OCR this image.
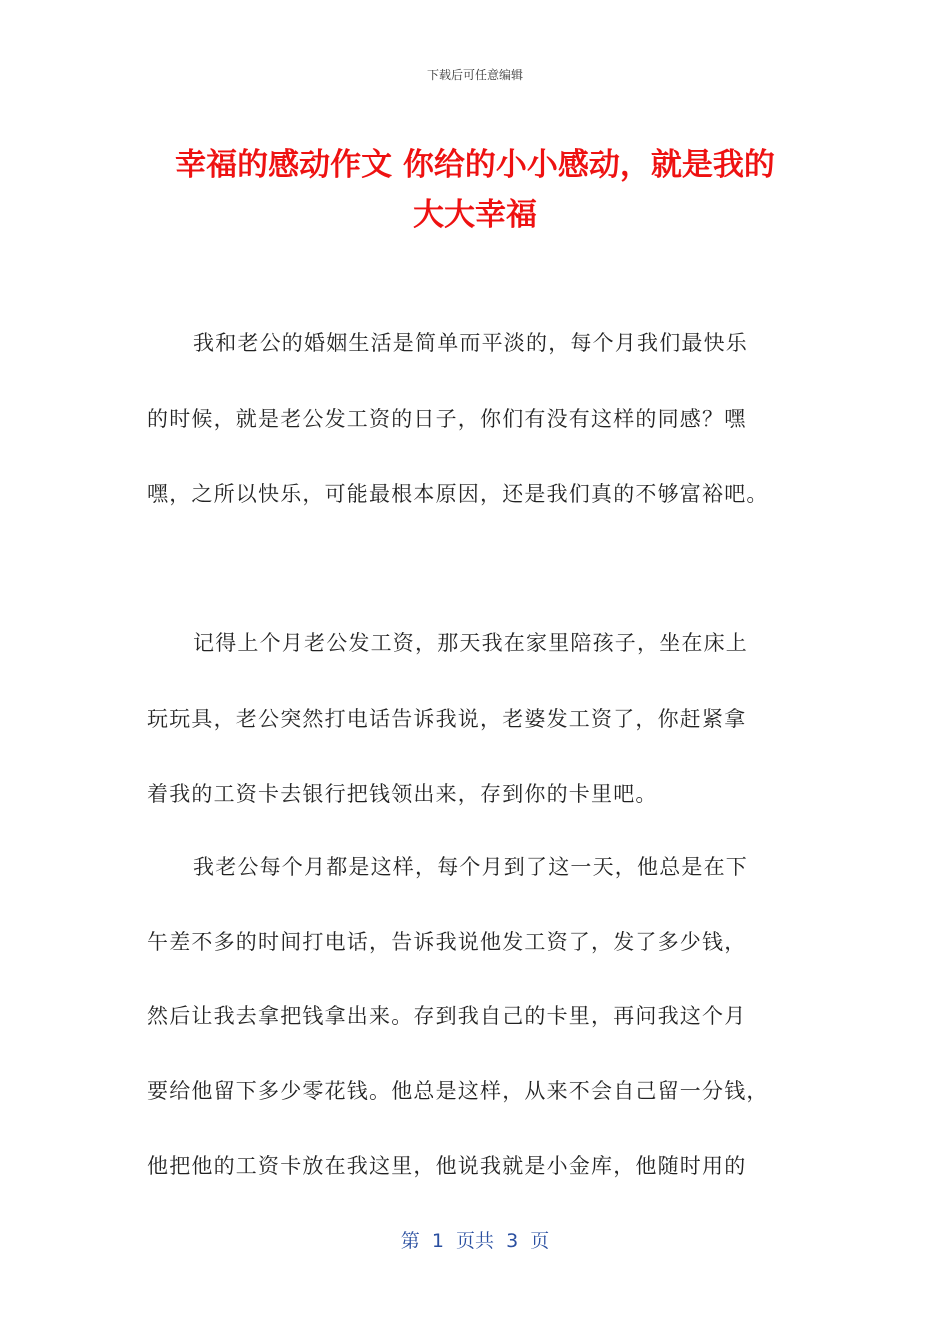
下载后可任意编辑
幸福的感动作文 你给的小小感动，就是我的
大大幸福
我和老公的婚姻生活是简单而平淡的，每个月我们最快乐
的时候，就是老公发工资的日子，你们有没有这样的同感？嘿
嘿，之所以快乐，可能最根本原因，还是我们真的不够富裕吧。
记得上个月老公发工资，那天我在家里陪孩子，坐在床上
玩玩具，老公突然打电话告诉我说，老婆发工资了，你赶紧拿
着我的工资卡去银行把钱领出来，存到你的卡里吧。
我老公每个月都是这样，每个月到了这一天，他总是在下
午差不多的时间打电话，告诉我说他发工资了，发了多少钱，
然后让我去拿把钱拿出来。存到我自己的卡里，再问我这个月
要给他留下多少零花钱。他总是这样，从来不会自己留一分钱，
他把他的工资卡放在我这里，他说我就是小金库，他随时用的
第  1  页共  3  页
